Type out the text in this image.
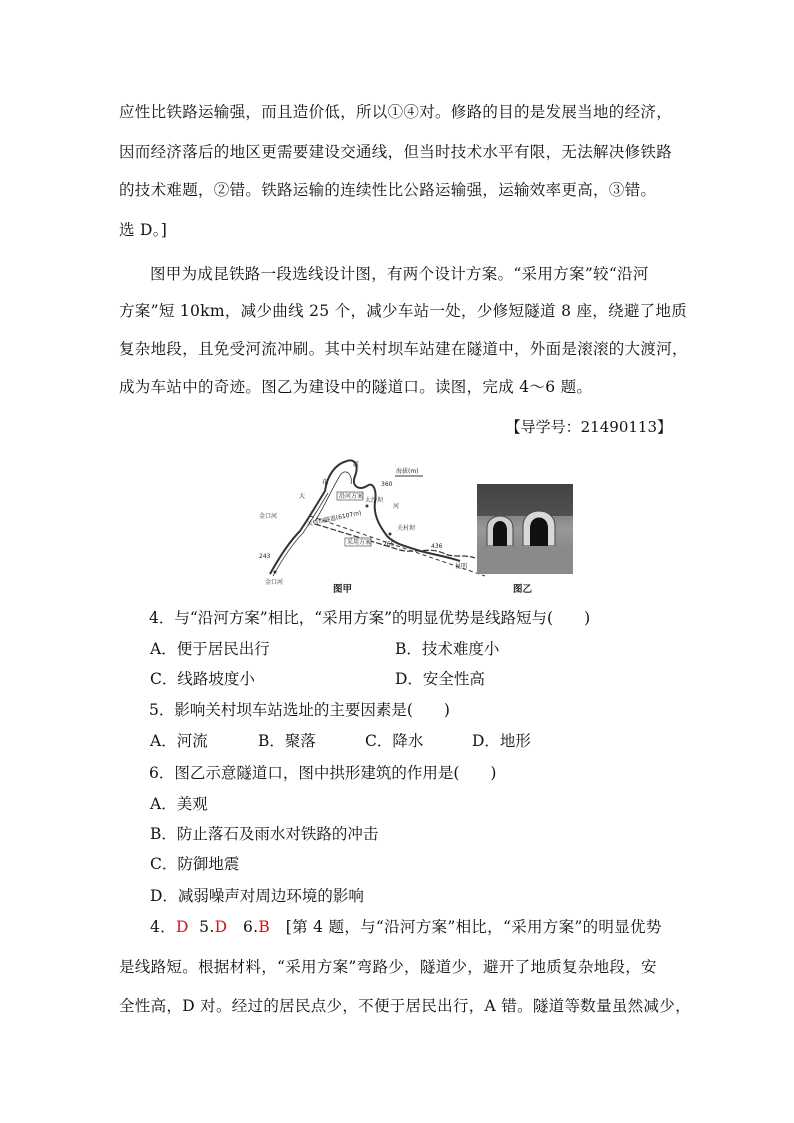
应性比铁路运输强，而且造价低，所以①④对。修路的目的是发展当地的经济，
因而经济落后的地区更需要建设交通线，但当时技术水平有限，无法解决修铁路
的技术难题，②错。铁路运输的连续性比公路运输强，运输效率更高，③错。
选 D。]
图甲为成昆铁路一段选线设计图，有两个设计方案。“采用方案”较“沿河
方案”短 10km，减少曲线 25 个，减少车站一处，少修短隧道 8 座，绕避了地质
复杂地段，且免受河流冲刷。其中关村坝车站建在隧道中，外面是滚滚的大渡河，
成为车站中的奇迹。图乙为建设中的隧道口。读图，完成 4～6 题。
【导学号：21490113】
沿河方案
采用方案
海拔(m)
花
渡
大
河
大沙坝
关村坝
金口河
金口河
关村坝隧道(6107m)
昆明
243
360
265	436
图甲	图乙
4．与“沿河方案”相比，“采用方案”的明显优势是线路短与(　　)
A．便于居民出行	B．技术难度小
C．线路坡度小	D．安全性高
5．影响关村坝车站选址的主要因素是(　　)
A．河流	B．聚落	C．降水	D．地形
6．图乙示意隧道口，图中拱形建筑的作用是(　　)
A．美观
B．防止落石及雨水对铁路的冲击
C．防御地震
D．减弱噪声对周边环境的影响
4．D 5.D 6.B [第 4 题，与“沿河方案”相比，“采用方案”的明显优势
是线路短。根据材料，“采用方案”弯路少，隧道少，避开了地质复杂地段，安
全性高，D 对。经过的居民点少，不便于居民出行，A 错。隧道等数量虽然减少，
